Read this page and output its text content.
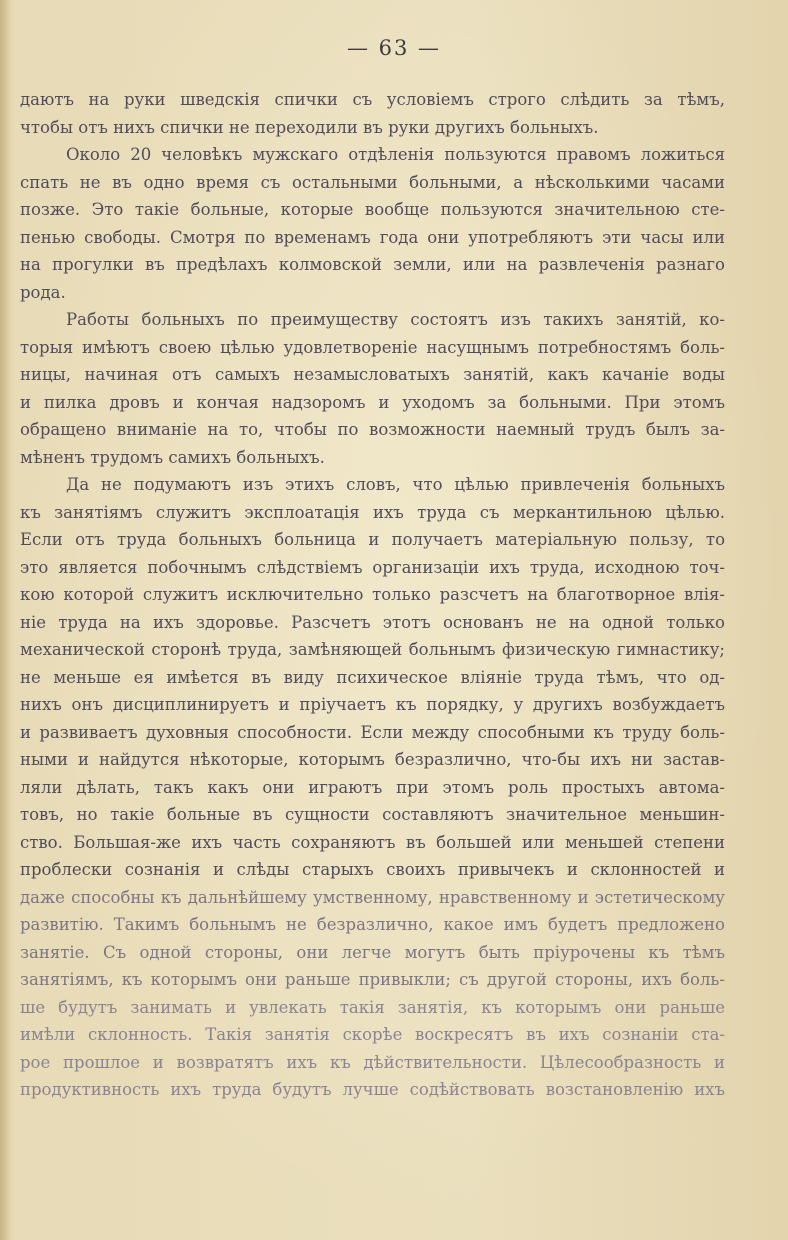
— 63 —
даютъ на руки шведскія спички съ условіемъ строго слѣдить за тѣмъ,
чтобы отъ нихъ спички не переходили въ руки другихъ больныхъ.
Около 20 человѣкъ мужскаго отдѣленія пользуются правомъ ложиться
спать не въ одно время съ остальными больными, а нѣсколькими часами
позже. Это такіе больные, которые вообще пользуются значительною сте-
пенью свободы. Смотря по временамъ года они употребляютъ эти часы или
на прогулки въ предѣлахъ колмовской земли, или на развлеченія разнаго
рода.
Работы больныхъ по преимуществу состоятъ изъ такихъ занятій, ко-
торыя имѣютъ своею цѣлью удовлетвореніе насущнымъ потребностямъ боль-
ницы, начиная отъ самыхъ незамысловатыхъ занятій, какъ качаніе воды
и пилка дровъ и кончая надзоромъ и уходомъ за больными. При этомъ
обращено вниманіе на то, чтобы по возможности наемный трудъ былъ за-
мѣненъ трудомъ самихъ больныхъ.
Да не подумаютъ изъ этихъ словъ, что цѣлью привлеченія больныхъ
къ занятіямъ служитъ эксплоатація ихъ труда съ меркантильною цѣлью.
Если отъ труда больныхъ больница и получаетъ матеріальную пользу, то
это является побочнымъ слѣдствіемъ организаціи ихъ труда, исходною точ-
кою которой служитъ исключительно только разсчетъ на благотворное влія-
ніе труда на ихъ здоровье. Разсчетъ этотъ основанъ не на одной только
механической сторонѣ труда, замѣняющей больнымъ физическую гимнастику;
не меньше ея имѣется въ виду психическое вліяніе труда тѣмъ, что од-
нихъ онъ дисциплинируетъ и пріучаетъ къ порядку, у другихъ возбуждаетъ
и развиваетъ духовныя способности. Если между способными къ труду боль-
ными и найдутся нѣкоторые, которымъ безразлично, что-бы ихъ ни застав-
ляли дѣлать, такъ какъ они играютъ при этомъ роль простыхъ автома-
товъ, но такіе больные въ сущности составляютъ значительное меньшин-
ство. Большая-же ихъ часть сохраняютъ въ большей или меньшей степени
проблески сознанія и слѣды старыхъ своихъ привычекъ и склонностей и
даже способны къ дальнѣйшему умственному, нравственному и эстетическому
развитію. Такимъ больнымъ не безразлично, какое имъ будетъ предложено
занятіе. Съ одной стороны, они легче могутъ быть пріурочены къ тѣмъ
занятіямъ, къ которымъ они раньше привыкли; съ другой стороны, ихъ боль-
ше будутъ занимать и увлекать такія занятія, къ которымъ они раньше
имѣли склонность. Такія занятія скорѣе воскресятъ въ ихъ сознаніи ста-
рое прошлое и возвратятъ ихъ къ дѣйствительности. Цѣлесообразность и
продуктивность ихъ труда будутъ лучше содѣйствовать возстановленію ихъ
